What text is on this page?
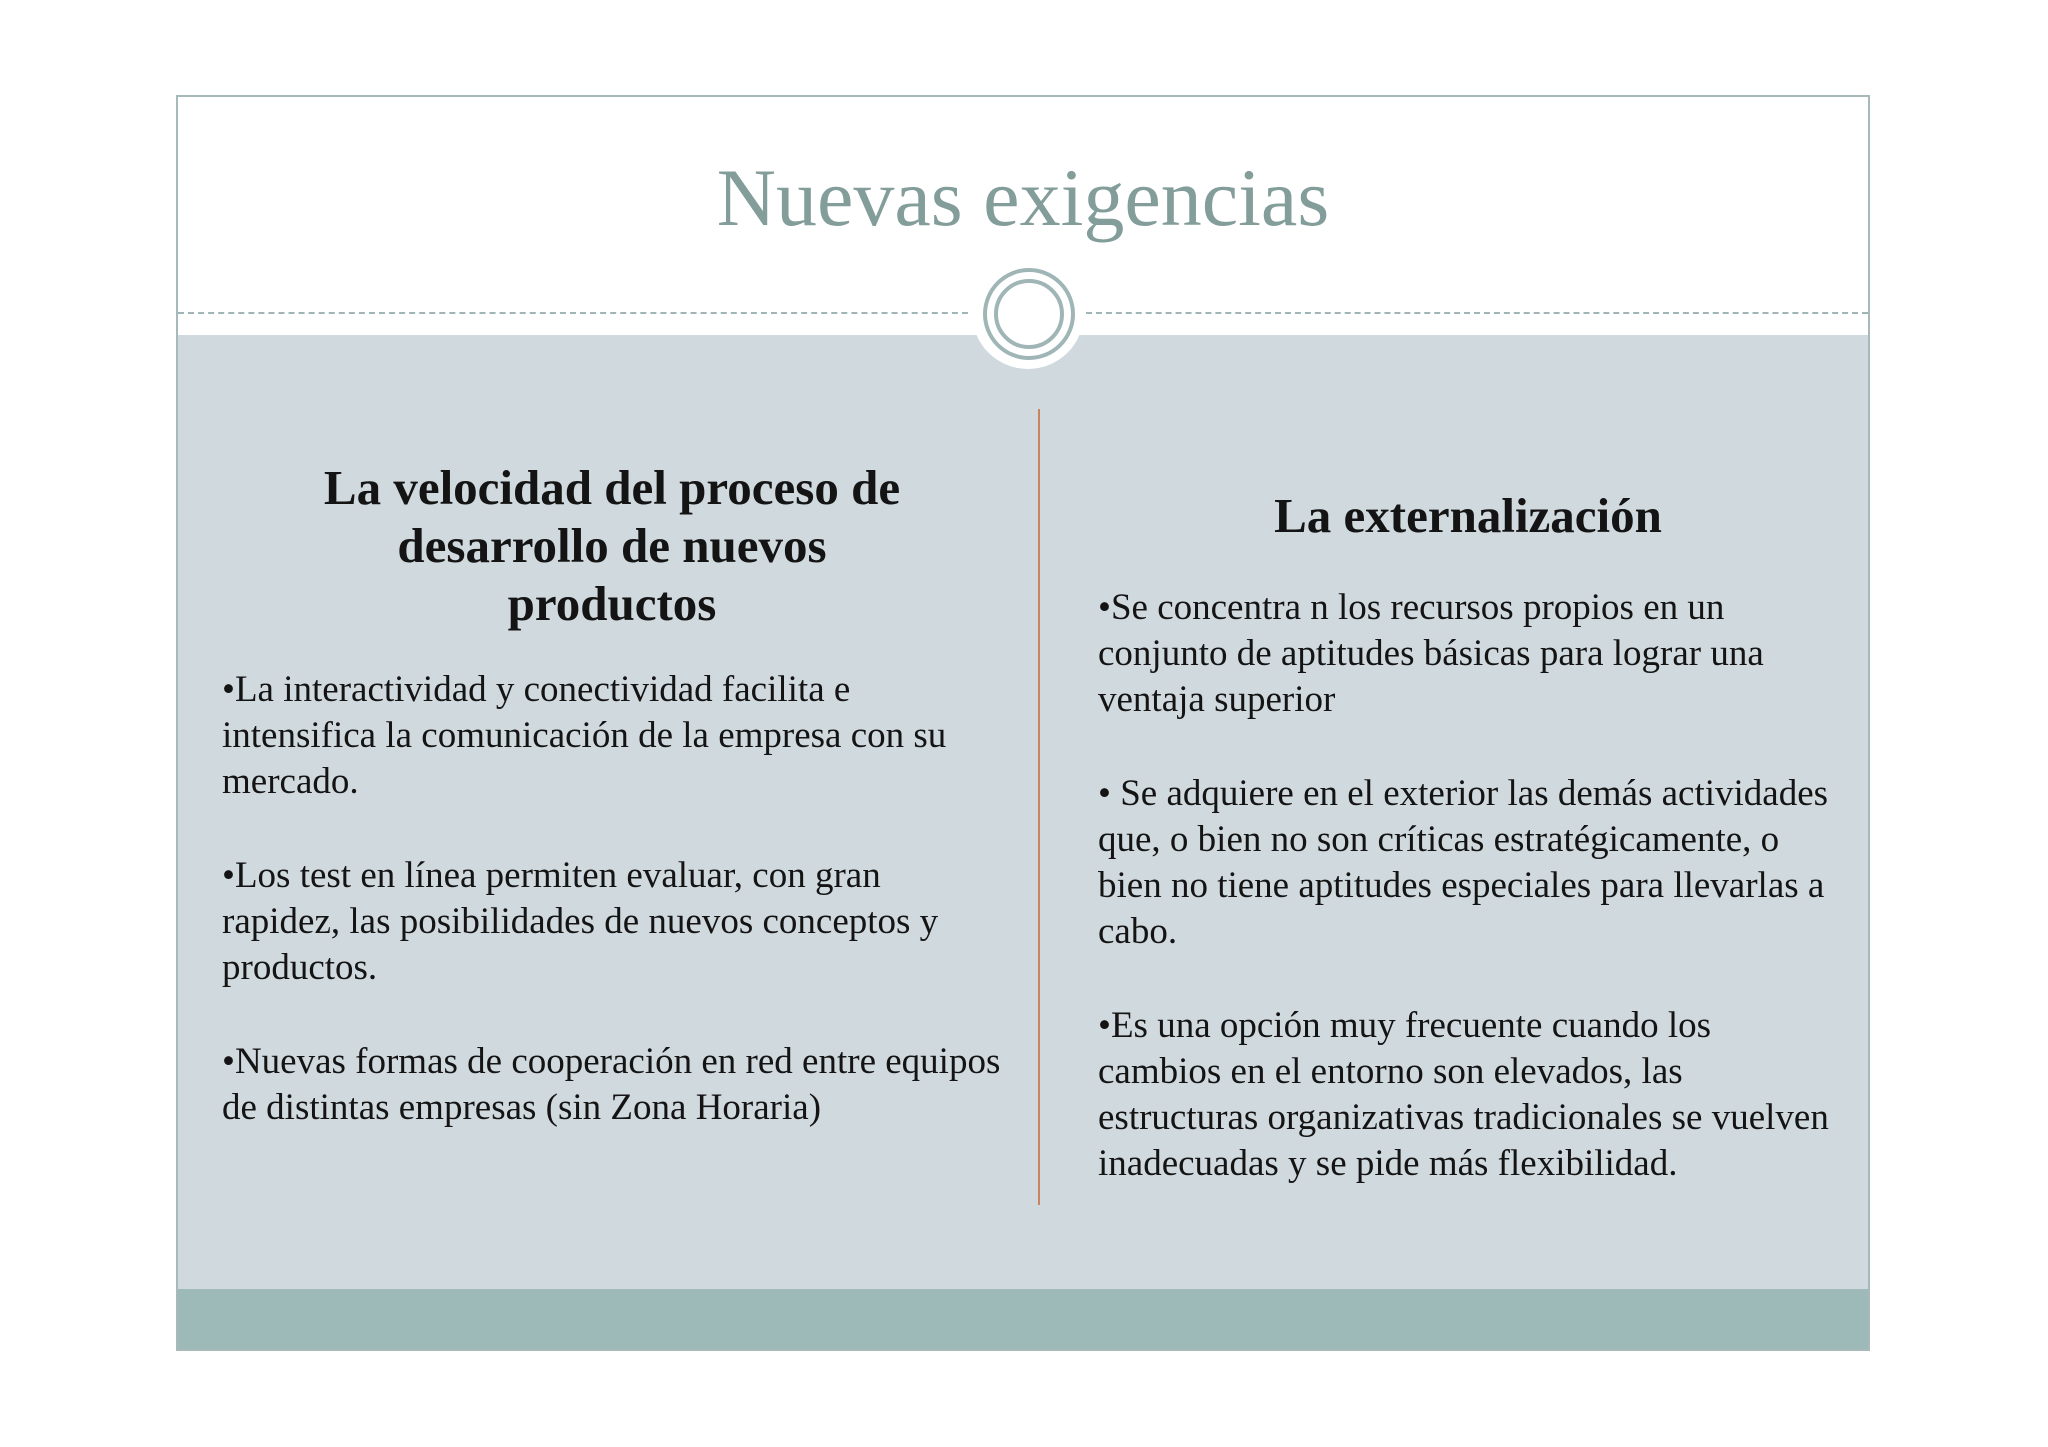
Nuevas exigencias
La velocidad del proceso de desarrollo de nuevos productos

•La interactividad y conectividad facilita e intensifica la comunicación de la empresa con su mercado.

•Los test en línea permiten evaluar, con gran rapidez, las posibilidades de nuevos conceptos y productos.

•Nuevas formas de cooperación en red entre equipos de distintas empresas (sin Zona Horaria)

La externalización

•Se concentra n los recursos propios en un conjunto de aptitudes básicas para lograr una ventaja superior

• Se adquiere en el exterior las demás actividades que, o bien no son críticas estratégicamente, o bien no tiene aptitudes especiales para llevarlas a cabo.

•Es una opción muy frecuente cuando los cambios en el entorno son elevados, las estructuras organizativas tradicionales se vuelven inadecuadas y se pide más flexibilidad.
